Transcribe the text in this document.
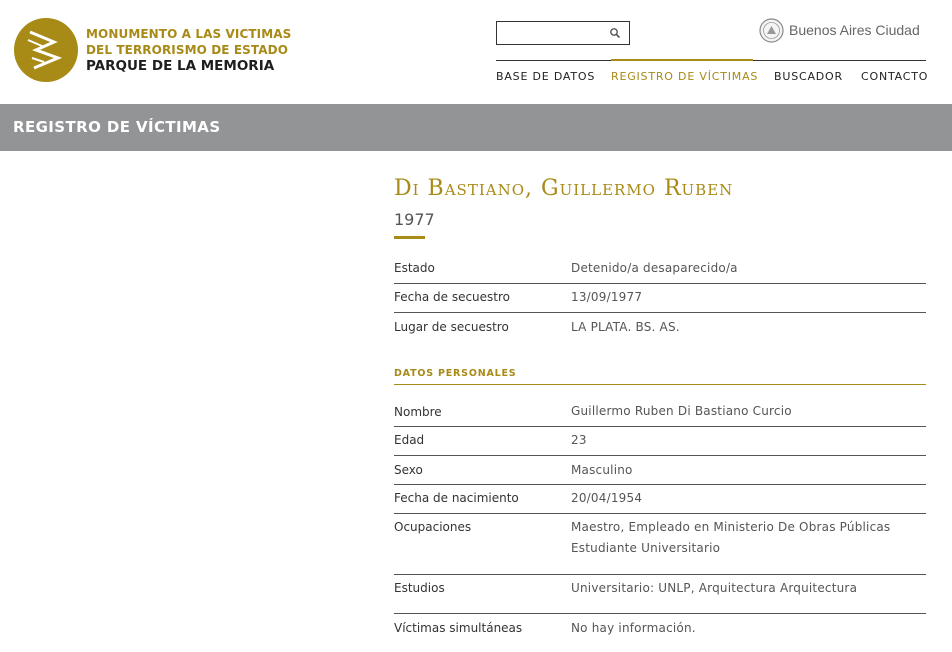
MONUMENTO A LAS VICTIMAS
DEL TERRORISMO DE ESTADO
PARQUE DE LA MEMORIA
Buenos Aires Ciudad
BASE DE DATOS REGISTRO DE VÍCTIMAS BUSCADOR CONTACTO
REGISTRO DE VÍCTIMAS
Di Bastiano, Guillermo Ruben
1977
Estado	Detenido/a desaparecido/a
Fecha de secuestro	13/09/1977
Lugar de secuestro	LA PLATA. BS. AS.
DATOS PERSONALES
Nombre	Guillermo Ruben Di Bastiano Curcio
Edad	23
Sexo	Masculino
Fecha de nacimiento	20/04/1954
Ocupaciones	Maestro, Empleado en Ministerio De Obras Públicas
Estudiante Universitario
Estudios	Universitario: UNLP, Arquitectura Arquitectura
Víctimas simultáneas	No hay información.
